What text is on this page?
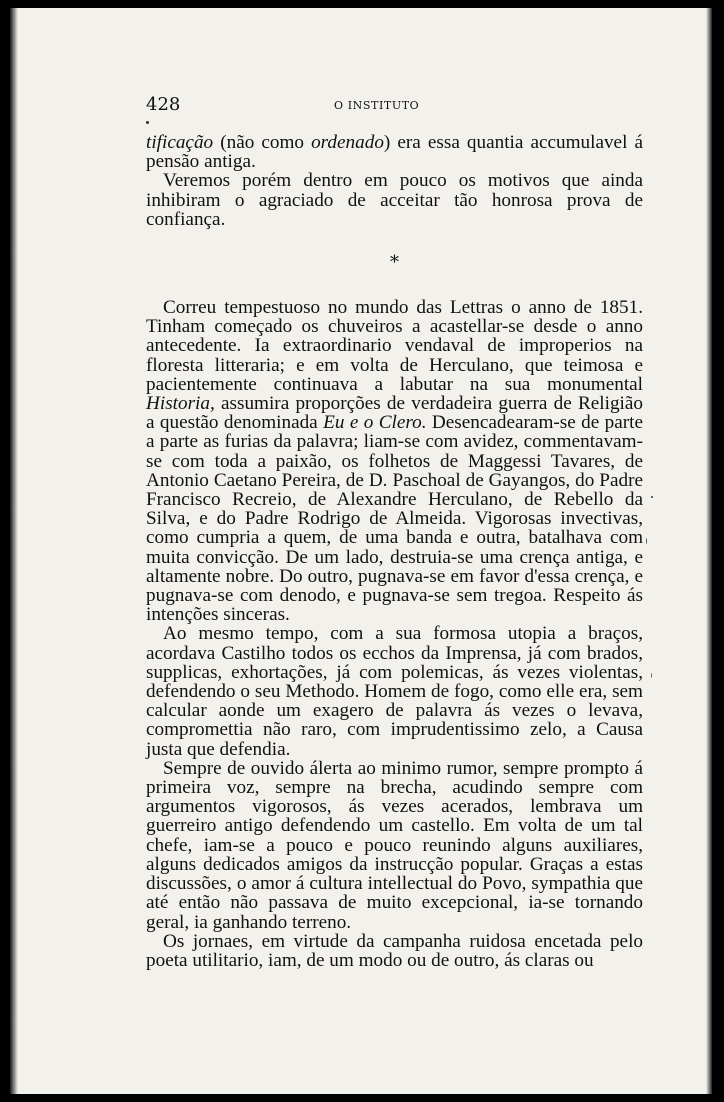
428	O INSTITUTO

tificação (não como ordenado) era essa quantia accumulavel á pensão antiga.

Veremos porém dentro em pouco os motivos que ainda inhibiram o agraciado de acceitar tão honrosa prova de confiança.

*

Correu tempestuoso no mundo das Lettras o anno de 1851. Tinham começado os chuveiros a acastellar-se desde o anno antecedente. Ia extraordinario vendaval de improperios na floresta litteraria; e em volta de Herculano, que teimosa e pacientemente continuava a labutar na sua monumental Historia, assumira proporções de verdadeira guerra de Religião a questão denominada Eu e o Clero. Desencadearam-se de parte a parte as furias da palavra; liam-se com avidez, commentavam-se com toda a paixão, os folhetos de Maggessi Tavares, de Antonio Caetano Pereira, de D. Paschoal de Gayangos, do Padre Francisco Recreio, de Alexandre Herculano, de Rebello da Silva, e do Padre Rodrigo de Almeida. Vigorosas invectivas, como cumpria a quem, de uma banda e outra, batalhava com muita convicção. De um lado, destruia-se uma crença antiga, e altamente nobre. Do outro, pugnava-se em favor d'essa crença, e pugnava-se com denodo, e pugnava-se sem tregoa. Respeito ás intenções sinceras.

Ao mesmo tempo, com a sua formosa utopia a braços, acordava Castilho todos os ecchos da Imprensa, já com brados, supplicas, exhortações, já com polemicas, ás vezes violentas, defendendo o seu Methodo. Homem de fogo, como elle era, sem calcular aonde um exagero de palavra ás vezes o levava, compromettia não raro, com imprudentissimo zelo, a Causa justa que defendia.

Sempre de ouvido álerta ao minimo rumor, sempre prompto á primeira voz, sempre na brecha, acudindo sempre com argumentos vigorosos, ás vezes acerados, lembrava um guerreiro antigo defendendo um castello. Em volta de um tal chefe, iam-se a pouco e pouco reunindo alguns auxiliares, alguns dedicados amigos da instrucção popular. Graças a estas discussões, o amor á cultura intellectual do Povo, sympathia que até então não passava de muito excepcional, ia-se tornando geral, ia ganhando terreno.

Os jornaes, em virtude da campanha ruidosa encetada pelo poeta utilitario, iam, de um modo ou de outro, ás claras ou
